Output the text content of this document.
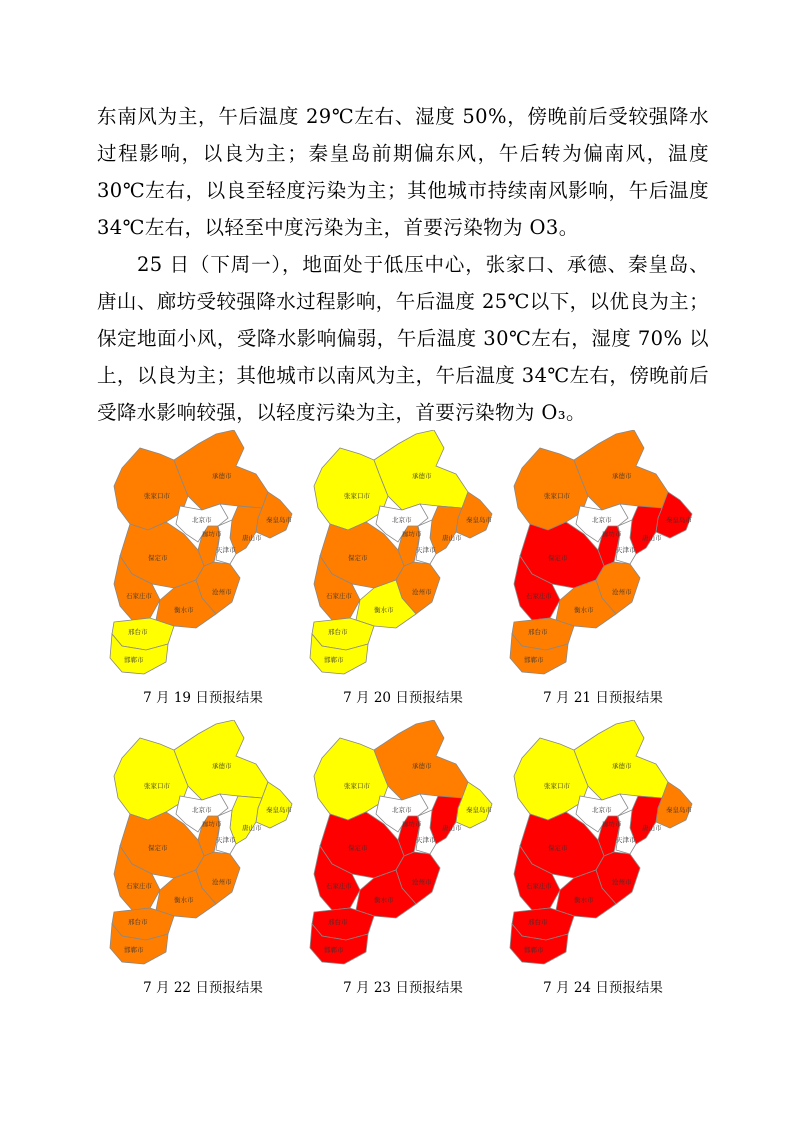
东南风为主，午后温度 29℃左右、湿度 50%，傍晚前后受较强降水过程影响，以良为主；秦皇岛前期偏东风，午后转为偏南风，温度 30℃左右，以良至轻度污染为主；其他城市持续南风影响，午后温度 34℃左右，以轻至中度污染为主，首要污染物为 O3。

25 日（下周一），地面处于低压中心，张家口、承德、秦皇岛、唐山、廊坊受较强降水过程影响，午后温度 25℃以下，以优良为主；保定地面小风，受降水影响偏弱，午后温度 30℃左右，湿度 70% 以上，以良为主；其他城市以南风为主，午后温度 34℃左右，傍晚前后受降水影响较强，以轻度污染为主，首要污染物为 O₃。

张家口市
承德市
秦皇岛市
唐山市
北京市
天津市
廊坊市
保定市
沧州市
石家庄市
衡水市
邢台市
邯郸市
7 月 19 日预报结果
张家口市
承德市
秦皇岛市
唐山市
北京市
天津市
廊坊市
保定市
沧州市
石家庄市
衡水市
邢台市
邯郸市
7 月 20 日预报结果
张家口市
承德市
秦皇岛市
唐山市
北京市
天津市
廊坊市
保定市
沧州市
石家庄市
衡水市
邢台市
邯郸市
7 月 21 日预报结果
张家口市
承德市
秦皇岛市
唐山市
北京市
天津市
廊坊市
保定市
沧州市
石家庄市
衡水市
邢台市
邯郸市
7 月 22 日预报结果
张家口市
承德市
秦皇岛市
唐山市
北京市
天津市
廊坊市
保定市
沧州市
石家庄市
衡水市
邢台市
邯郸市
7 月 23 日预报结果
张家口市
承德市
秦皇岛市
唐山市
北京市
天津市
廊坊市
保定市
沧州市
石家庄市
衡水市
邢台市
邯郸市
7 月 24 日预报结果
